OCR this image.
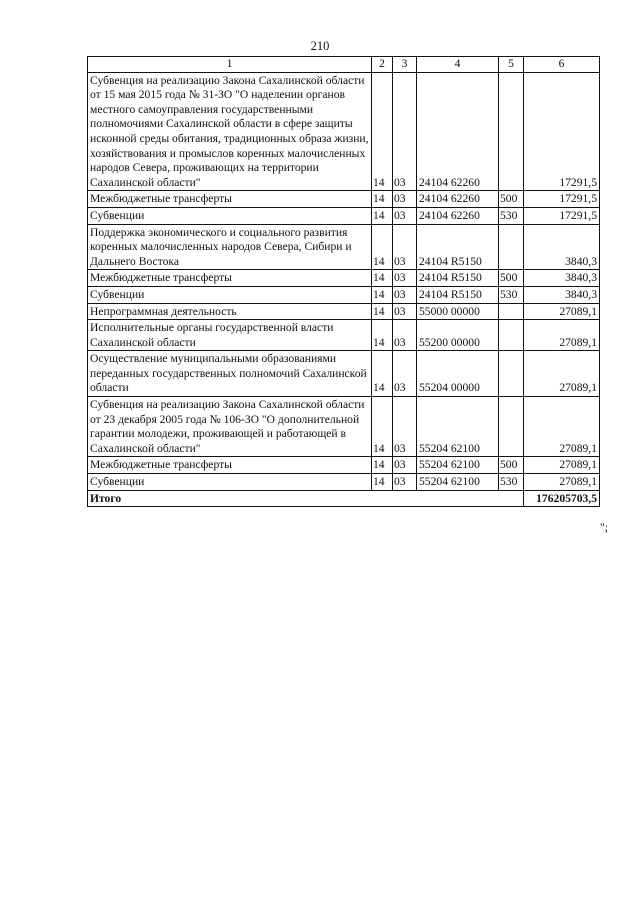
210
1	2	3	4	5	6
Субвенция на реализацию Закона Сахалинской области от 15 мая 2015 года № 31-ЗО "О наделении органов местного самоуправления государственными полномочиями Сахалинской области в сфере защиты исконной среды обитания, традиционных образа жизни, хозяйствования и промыслов коренных малочисленных народов Севера, проживающих на территории Сахалинской области"	14	03	24104 62260		17291,5
Межбюджетные трансферты	14	03	24104 62260	500	17291,5
Субвенции	14	03	24104 62260	530	17291,5
Поддержка экономического и социального развития коренных малочисленных народов Севера, Сибири и Дальнего Востока	14	03	24104 R5150		3840,3
Межбюджетные трансферты	14	03	24104 R5150	500	3840,3
Субвенции	14	03	24104 R5150	530	3840,3
Непрограммная деятельность	14	03	55000 00000		27089,1
Исполнительные органы государственной власти Сахалинской области	14	03	55200 00000		27089,1
Осуществление муниципальными образованиями переданных государственных полномочий Сахалинской области	14	03	55204 00000		27089,1
Субвенция на реализацию Закона Сахалинской области от 23 декабря 2005 года № 106-ЗО "О дополнительной гарантии молодежи, проживающей и работающей в Сахалинской области"	14	03	55204 62100		27089,1
Межбюджетные трансферты	14	03	55204 62100	500	27089,1
Субвенции	14	03	55204 62100	530	27089,1
Итого					176205703,5
";
